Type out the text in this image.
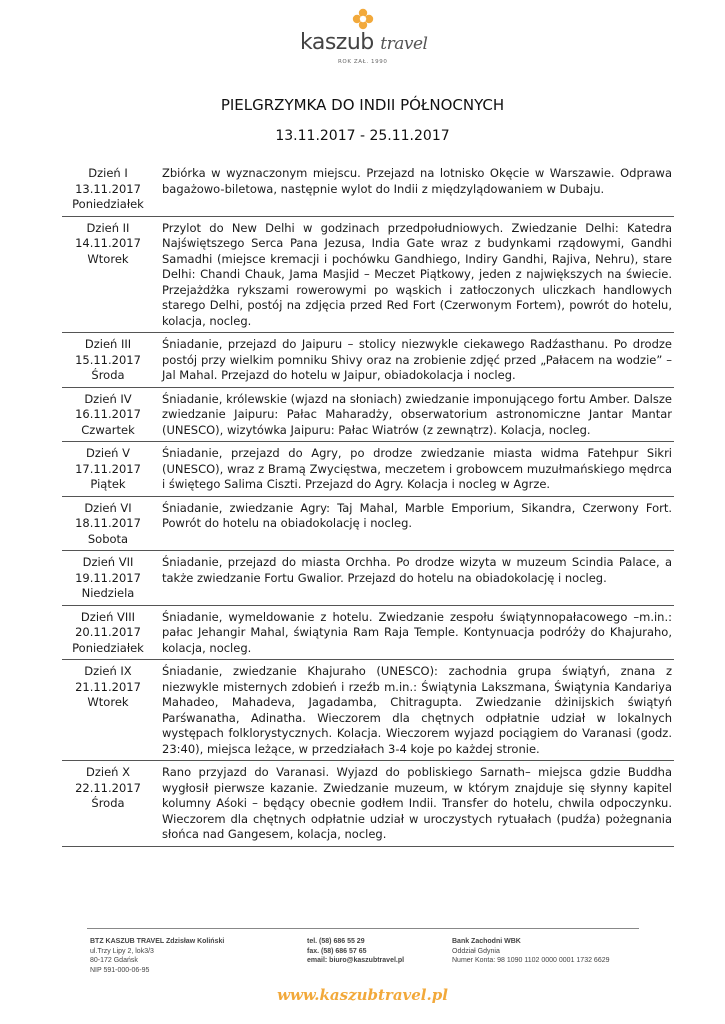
kaszub travel
ROK ZAŁ. 1990
PIELGRZYMKA DO INDII PÓŁNOCNYCH
13.11.2017 - 25.11.2017
Dzień I
13.11.2017
Poniedziałek
Zbiórka w wyznaczonym miejscu. Przejazd na lotnisko Okęcie w Warszawie. Odprawa bagażowo-biletowa, następnie wylot do Indii z międzylądowaniem w Dubaju.
Dzień II
14.11.2017
Wtorek
Przylot do New Delhi w godzinach przedpołudniowych. Zwiedzanie Delhi: Katedra Najświętszego Serca Pana Jezusa, India Gate wraz z budynkami rządowymi, Gandhi Samadhi (miejsce kremacji i pochówku Gandhiego, Indiry Gandhi, Rajiva, Nehru), stare Delhi: Chandi Chauk, Jama Masjid – Meczet Piątkowy, jeden z największych na świecie. Przejażdżka rykszami rowerowymi po wąskich i zatłoczonych uliczkach handlowych starego Delhi, postój na zdjęcia przed Red Fort (Czerwonym Fortem), powrót do hotelu, kolacja, nocleg.
Dzień III
15.11.2017
Środa
Śniadanie, przejazd do Jaipuru – stolicy niezwykle ciekawego Radźasthanu. Po drodze postój przy wielkim pomniku Shivy oraz na zrobienie zdjęć przed „Pałacem na wodzie” – Jal Mahal. Przejazd do hotelu w Jaipur, obiadokolacja i nocleg.
Dzień IV
16.11.2017
Czwartek
Śniadanie, królewskie (wjazd na słoniach) zwiedzanie imponującego fortu Amber. Dalsze zwiedzanie Jaipuru: Pałac Maharadży, obserwatorium astronomiczne Jantar Mantar (UNESCO), wizytówka Jaipuru: Pałac Wiatrów (z zewnątrz). Kolacja, nocleg.
Dzień V
17.11.2017
Piątek
Śniadanie, przejazd do Agry, po drodze zwiedzanie miasta widma Fatehpur Sikri (UNESCO), wraz z Bramą Zwycięstwa, meczetem i grobowcem muzułmańskiego mędrca i świętego Salima Ciszti. Przejazd do Agry. Kolacja i nocleg w Agrze.
Dzień VI
18.11.2017
Sobota
Śniadanie, zwiedzanie Agry: Taj Mahal, Marble Emporium, Sikandra, Czerwony Fort. Powrót do hotelu na obiadokolację i nocleg.
Dzień VII
19.11.2017
Niedziela
Śniadanie, przejazd do miasta Orchha. Po drodze wizyta w muzeum Scindia Palace, a także zwiedzanie Fortu Gwalior. Przejazd do hotelu na obiadokolację i nocleg.
Dzień VIII
20.11.2017
Poniedziałek
Śniadanie, wymeldowanie z hotelu. Zwiedzanie zespołu świątynnopałacowego –m.in.: pałac Jehangir Mahal, świątynia Ram Raja Temple. Kontynuacja podróży do Khajuraho, kolacja, nocleg.
Dzień IX
21.11.2017
Wtorek
Śniadanie, zwiedzanie Khajuraho (UNESCO): zachodnia grupa świątyń, znana z niezwykle misternych zdobień i rzeźb m.in.: Świątynia Lakszmana, Świątynia Kandariya Mahadeo, Mahadeva, Jagadamba, Chitragupta. Zwiedzanie dżinijskich świątyń Parśwanatha, Adinatha. Wieczorem dla chętnych odpłatnie udział w lokalnych występach folklorystycznych. Kolacja. Wieczorem wyjazd pociągiem do Varanasi (godz. 23:40), miejsca leżące, w przedziałach 3-4 koje po każdej stronie.
Dzień X
22.11.2017
Środa
Rano przyjazd do Varanasi. Wyjazd do pobliskiego Sarnath– miejsca gdzie Buddha wygłosił pierwsze kazanie. Zwiedzanie muzeum, w którym znajduje się słynny kapitel kolumny Aśoki – będący obecnie godłem Indii. Transfer do hotelu, chwila odpoczynku. Wieczorem dla chętnych odpłatnie udział w uroczystych rytuałach (pudźa) pożegnania słońca nad Gangesem, kolacja, nocleg.
BTZ KASZUB TRAVEL Zdzisław Koliński
ul.Trzy Lipy 2, lok3/3
80-172 Gdańsk
NIP 591-000-06-95
tel. (58) 686 55 29
fax. (58) 686 57 65
email: biuro@kaszubtravel.pl
Bank Zachodni WBK
Oddział Gdynia
Numer Konta: 98 1090 1102 0000 0001 1732 6629
www.kaszubtravel.pl
